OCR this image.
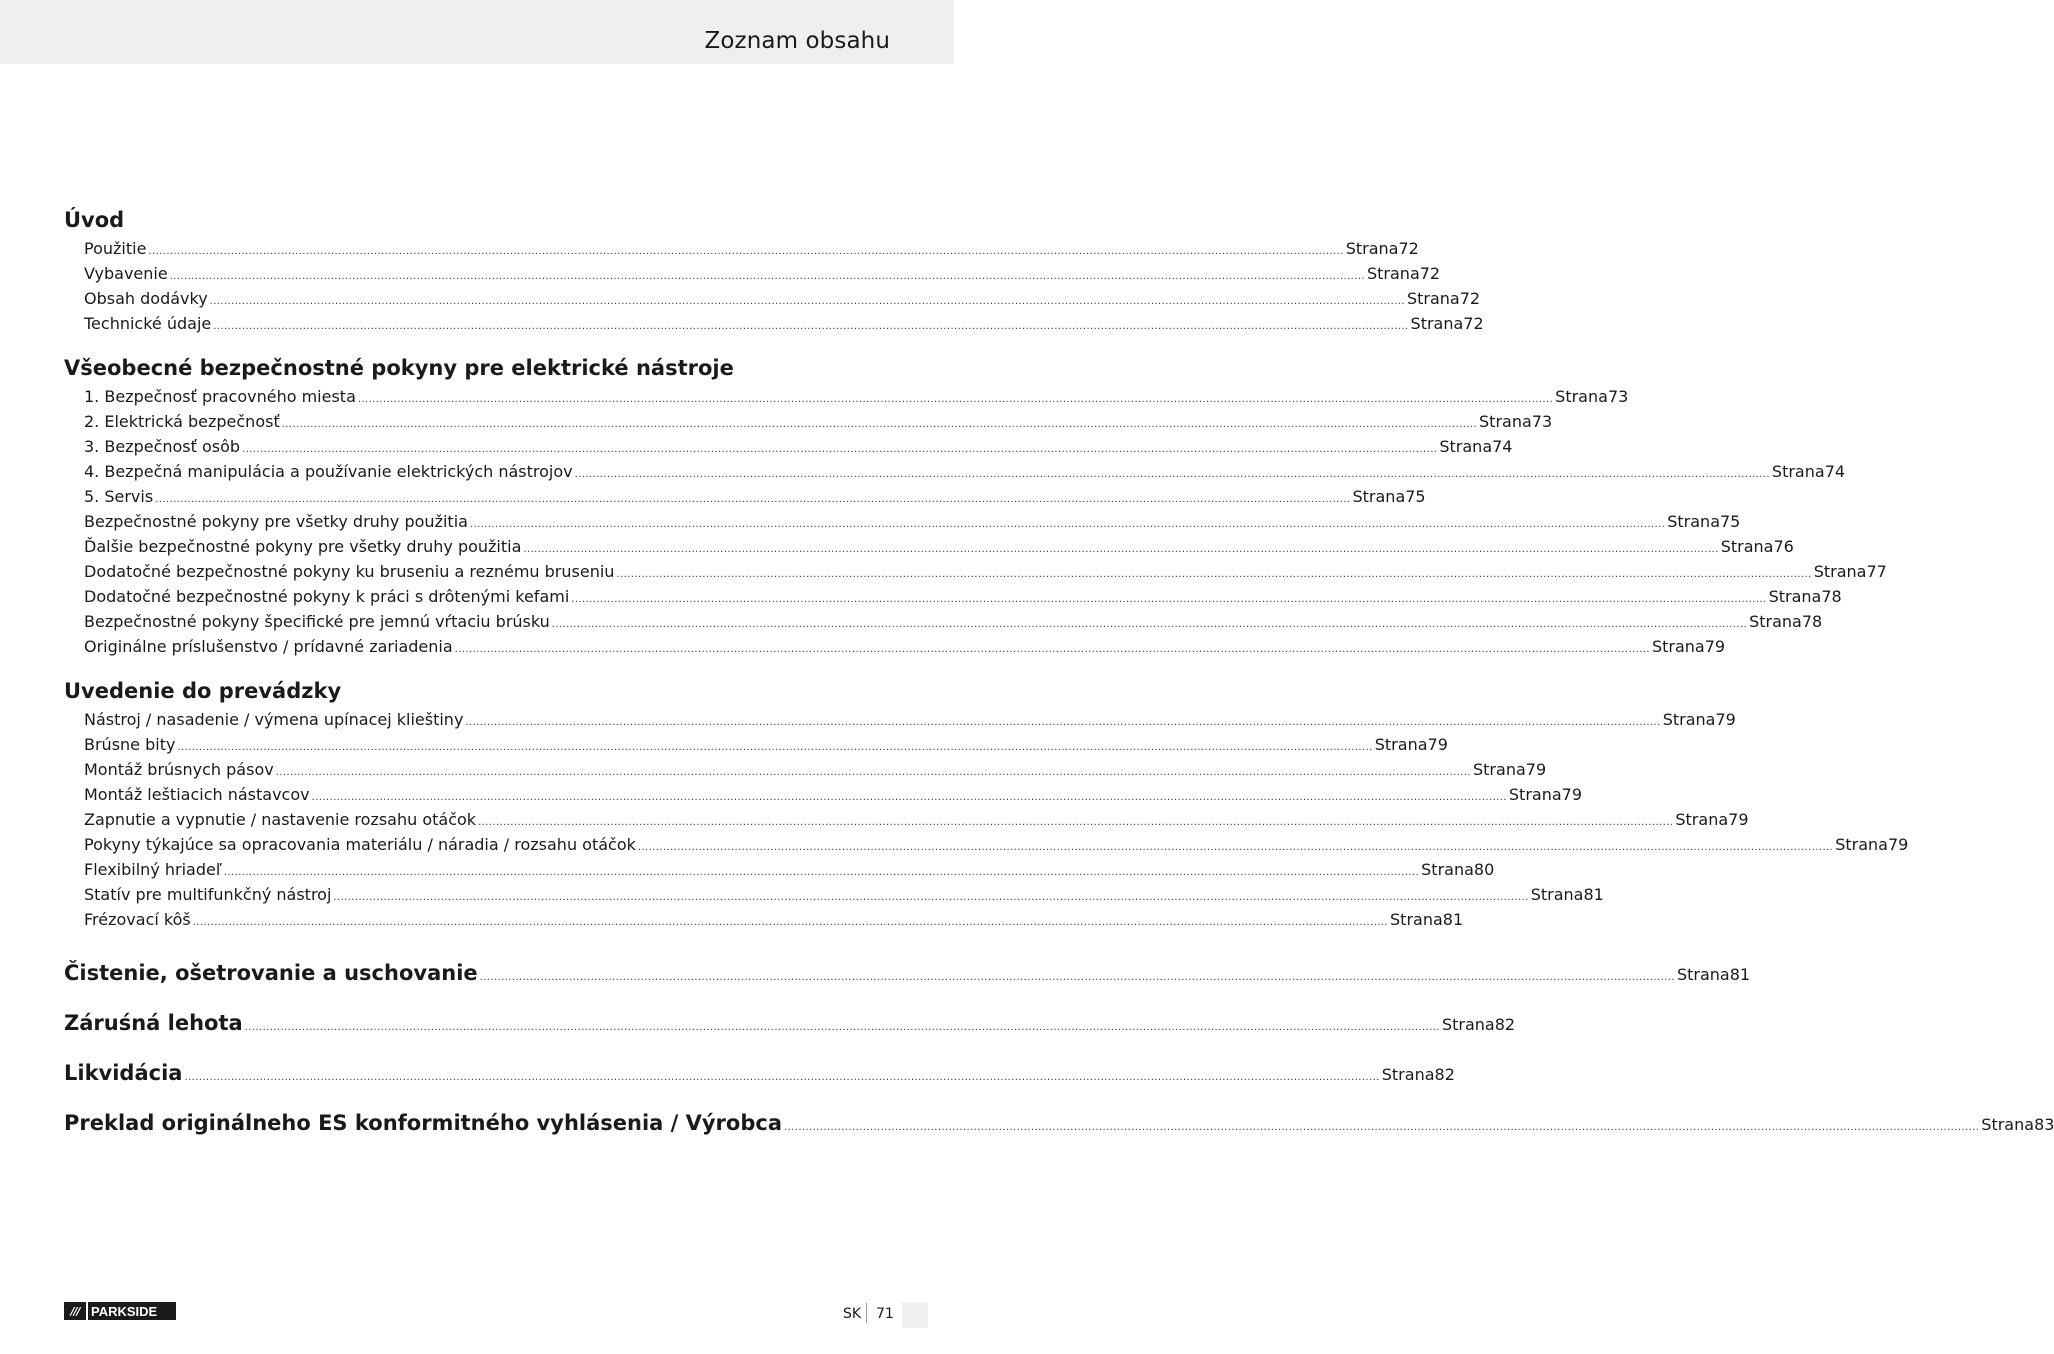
Zoznam obsahu
Úvod
Použitie .............................................................................................................................................................................................................................................................................................................................................. Strana 72
Vybavenie .............................................................................................................................................................................................................................................................................................................................................. Strana 72
Obsah dodávky .............................................................................................................................................................................................................................................................................................................................................. Strana 72
Technické údaje .............................................................................................................................................................................................................................................................................................................................................. Strana 72
Všeobecné bezpečnostné pokyny pre elektrické nástroje
1. Bezpečnosť pracovného miesta .............................................................................................................................................................................................................................................................................................................................................. Strana 73
2. Elektrická bezpečnosť .............................................................................................................................................................................................................................................................................................................................................. Strana 73
3. Bezpečnosť osôb .............................................................................................................................................................................................................................................................................................................................................. Strana 74
4. Bezpečná manipulácia a používanie elektrických nástrojov .............................................................................................................................................................................................................................................................................................................................................. Strana 74
5. Servis .............................................................................................................................................................................................................................................................................................................................................. Strana 75
Bezpečnostné pokyny pre všetky druhy použitia .............................................................................................................................................................................................................................................................................................................................................. Strana 75
Ďalšie bezpečnostné pokyny pre všetky druhy použitia .............................................................................................................................................................................................................................................................................................................................................. Strana 76
Dodatočné bezpečnostné pokyny ku bruseniu a reznému bruseniu .............................................................................................................................................................................................................................................................................................................................................. Strana 77
Dodatočné bezpečnostné pokyny k práci s drôtenými kefami .............................................................................................................................................................................................................................................................................................................................................. Strana 78
Bezpečnostné pokyny špecifické pre jemnú vŕtaciu brúsku .............................................................................................................................................................................................................................................................................................................................................. Strana 78
Originálne príslušenstvo / prídavné zariadenia .............................................................................................................................................................................................................................................................................................................................................. Strana 79
Uvedenie do prevádzky
Nástroj / nasadenie / výmena upínacej klieštiny .............................................................................................................................................................................................................................................................................................................................................. Strana 79
Brúsne bity .............................................................................................................................................................................................................................................................................................................................................. Strana 79
Montáž brúsnych pásov .............................................................................................................................................................................................................................................................................................................................................. Strana 79
Montáž leštiacich nástavcov .............................................................................................................................................................................................................................................................................................................................................. Strana 79
Zapnutie a vypnutie / nastavenie rozsahu otáčok .............................................................................................................................................................................................................................................................................................................................................. Strana 79
Pokyny týkajúce sa opracovania materiálu / náradia / rozsahu otáčok .............................................................................................................................................................................................................................................................................................................................................. Strana 79
Flexibilný hriadeľ .............................................................................................................................................................................................................................................................................................................................................. Strana 80
Statív pre multifunkčný nástroj .............................................................................................................................................................................................................................................................................................................................................. Strana 81
Frézovací kôš .............................................................................................................................................................................................................................................................................................................................................. Strana 81
Čistenie, ošetrovanie a uschovanie .............................................................................................................................................................................................................................................................................................................................................. Strana 81
Záruśná lehota .............................................................................................................................................................................................................................................................................................................................................. Strana 82
Likvidácia .............................................................................................................................................................................................................................................................................................................................................. Strana 82
Preklad originálneho ES konformitného vyhlásenia / Výrobca .............................................................................................................................................................................................................................................................................................................................................. Strana 83
/// PARKSIDE	SK 71
